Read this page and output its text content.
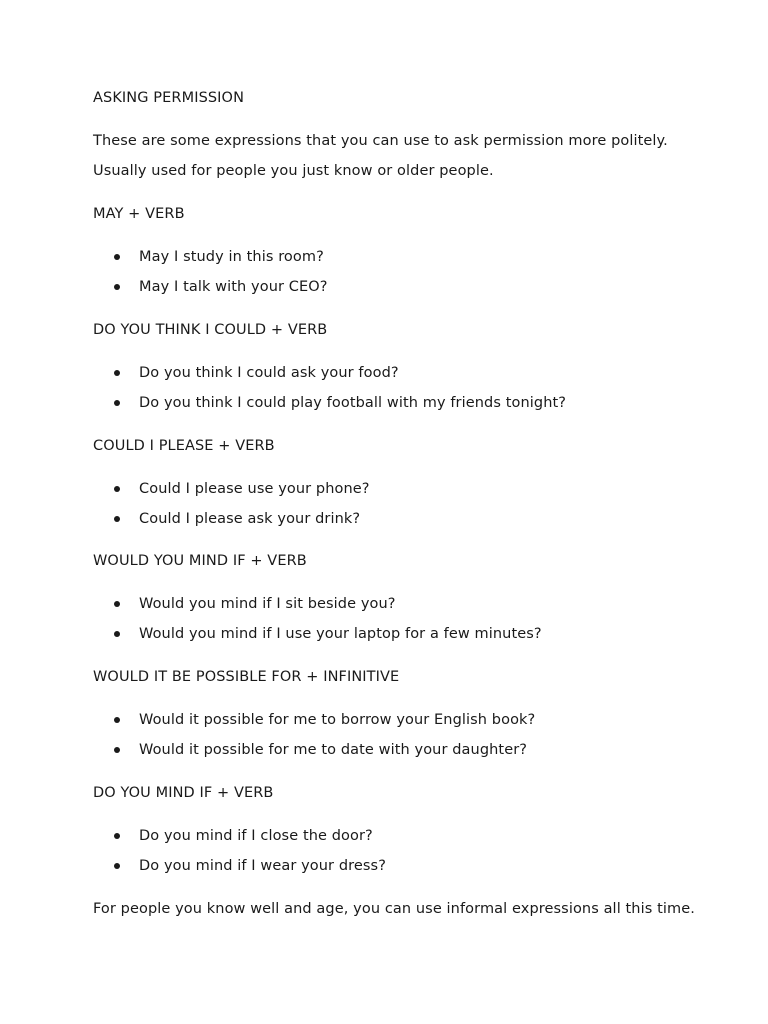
ASKING PERMISSION
These are some expressions that you can use to ask permission more politely.
Usually used for people you just know or older people.
MAY + VERB
May I study in this room?
May I talk with your CEO?
DO YOU THINK I COULD + VERB
Do you think I could ask your food?
Do you think I could play football with my friends tonight?
COULD I PLEASE + VERB
Could I please use your phone?
Could I please ask your drink?
WOULD YOU MIND IF + VERB
Would you mind if I sit beside you?
Would you mind if I use your laptop for a few minutes?
WOULD IT BE POSSIBLE FOR + INFINITIVE
Would it possible for me to borrow your English book?
Would it possible for me to date with your daughter?
DO YOU MIND IF + VERB
Do you mind if I close the door?
Do you mind if I wear your dress?
For people you know well and age, you can use informal expressions all this time.
